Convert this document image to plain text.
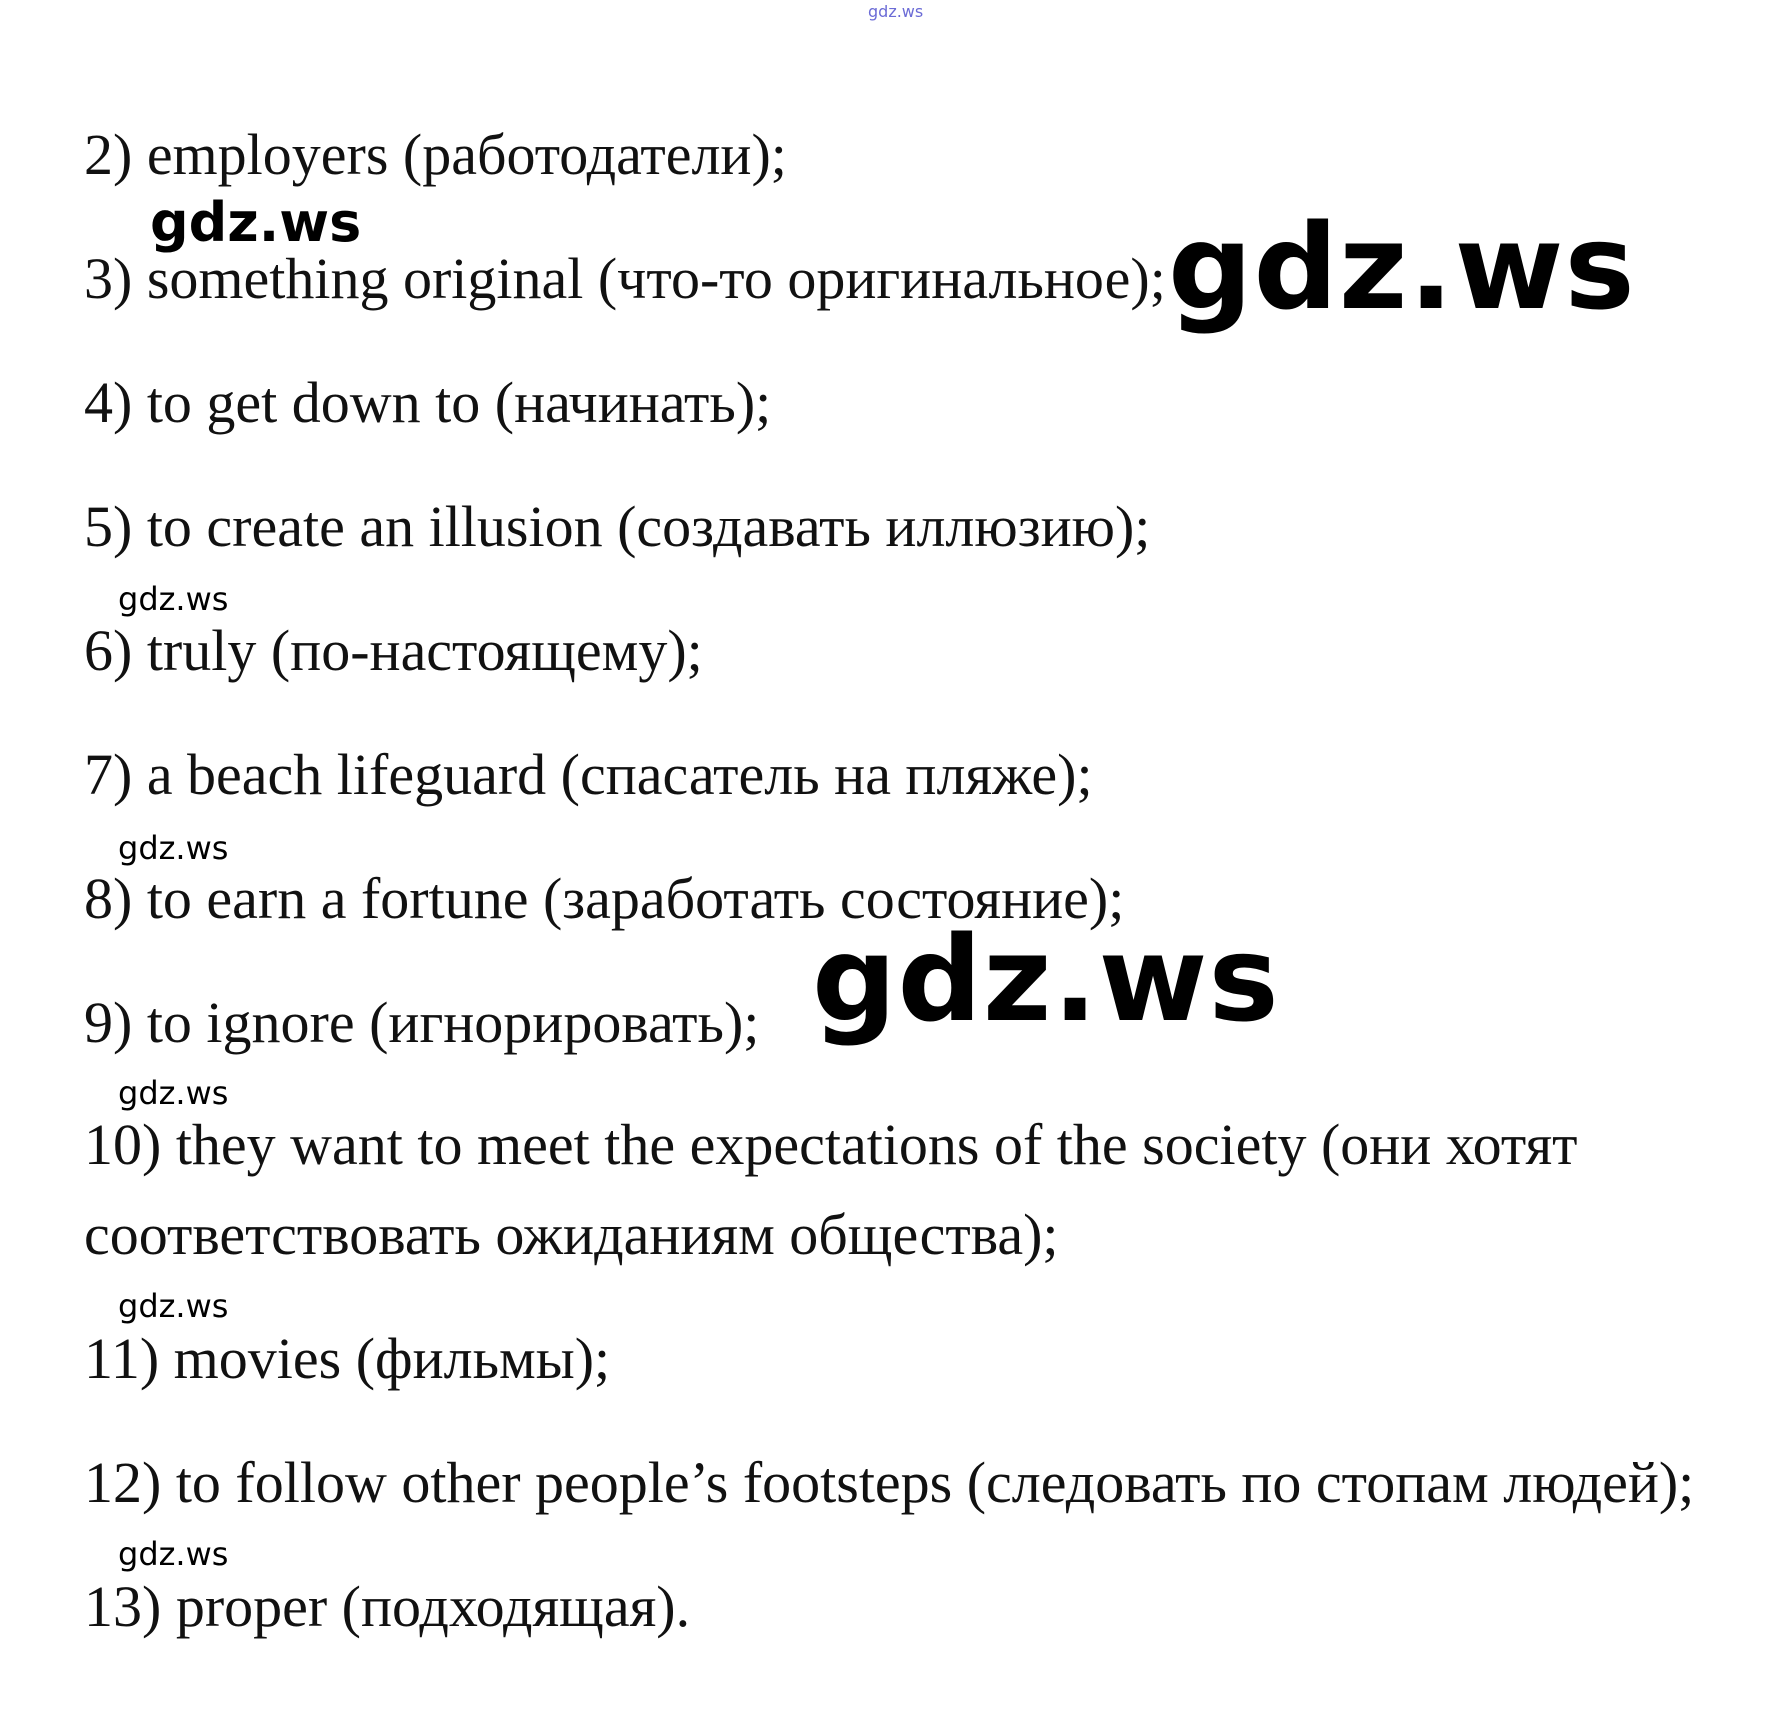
gdz.ws

2) employers (работодатели);

gdz.ws

3) something original (что-то оригинальное); gdz.ws

4) to get down to (начинать);

5) to create an illusion (создавать иллюзию);

gdz.ws

6) truly (по-настоящему);

7) a beach lifeguard (спасатель на пляже);

gdz.ws

8) to earn a fortune (заработать состояние);

9) to ignore (игнорировать); gdz.ws

gdz.ws

10) they want to meet the expectations of the society (они хотят

соответствовать ожиданиям общества);

gdz.ws

11) movies (фильмы);

12) to follow other people’s footsteps (следовать по стопам людей);

gdz.ws

13) proper (подходящая).
